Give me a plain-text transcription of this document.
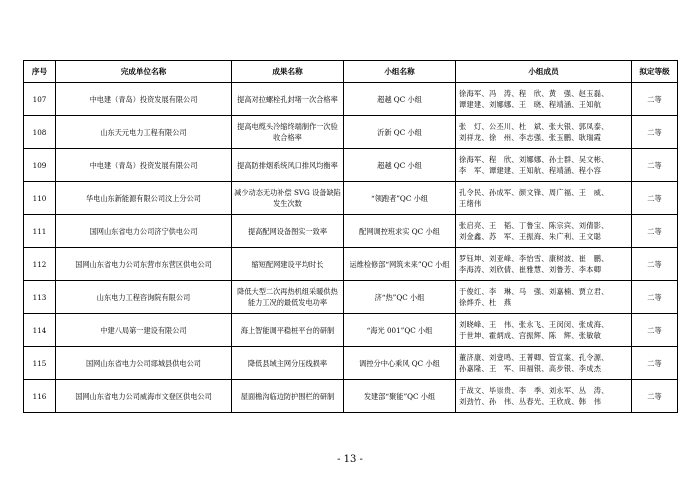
序号	完成单位名称	成果名称	小组名称	小组成员	拟定等级
107	中电建（青岛）投资发展有限公司	提高对拉螺栓孔封堵一次合格率	超越 QC 小组	徐海军、冯　涛、程　欣、黄　强、赵玉磊、
谭建建、刘娜娜、王　晓、程靖涵、王知航	二等
108	山东天元电力工程有限公司	提高电缆头冷缩终端制作一次验收合格率	沂新 QC 小组	张　灯、公丕川、杜　斌、张大银、郭凤泰、
刘祥龙、徐　州、李志强、张玉鹏、耿瑞霞	二等
109	中电建（青岛）投资发展有限公司	提高防排烟系统风口排风均衡率	超越 QC 小组	徐海军、程　欣、刘娜娜、孙士群、吴文彬、
李　军、谭建建、王知航、程靖涵、程小容	二等
110	华电山东新能源有限公司汶上分公司	减少动态无功补偿 SVG 设备缺陷发生次数	“领跑者”QC 小组	孔令民、孙成军、颜文锋、周广福、王　威、
王绪伟	二等
111	国网山东省电力公司济宁供电公司	提高配网设备图实一致率	配网调控班求实 QC 小组	张启亮、王　韬、丁鲁宝、陈宗宾、刘倩影、
刘金鑫、苏　军、王振海、朱广利、王文聪	二等
112	国网山东省电力公司东营市东营区供电公司	缩短配网建设平均时长	运维检修部“网筑未来”QC 小组	罗钰坤、刘亚峰、李怡雪、康树波、崔　鹏、
李海涛、刘欣倩、崔雅慧、刘鲁芳、李本卿	二等
113	山东电力工程咨询院有限公司	降低大型二次再热机组采暖供热能力工况的最低发电功率	济“热”QC 小组	于俊红、李　琳、马　强、刘嘉楠、贾立君、
徐烨乔、杜　燕	二等
114	中建八局第一建设有限公司	海上智能调平稳桩平台的研制	“海光 001”QC 小组	刘晓峰、王　伟、张永飞、王闵闵、张成海、
于世坤、霍炳成、宫振辉、陈　辉、张敏敏	二等
115	国网山东省电力公司郯城县供电公司	降低县域主网分压线损率	调控分中心乘风 QC 小组	董济康、刘壹鸣、王菁卿、管宣案、孔令源、
孙嘉隆、王　军、田福银、高步银、李成杰	二等
116	国网山东省电力公司威海市文登区供电公司	屋面檐沟临边防护围栏的研制	发建部“聚能”QC 小组	于战文、毕崇贵、李　季、刘永军、丛　涛、
刘劲竹、孙　伟、丛春光、王欣成、韩　伟	二等
- 13 -
